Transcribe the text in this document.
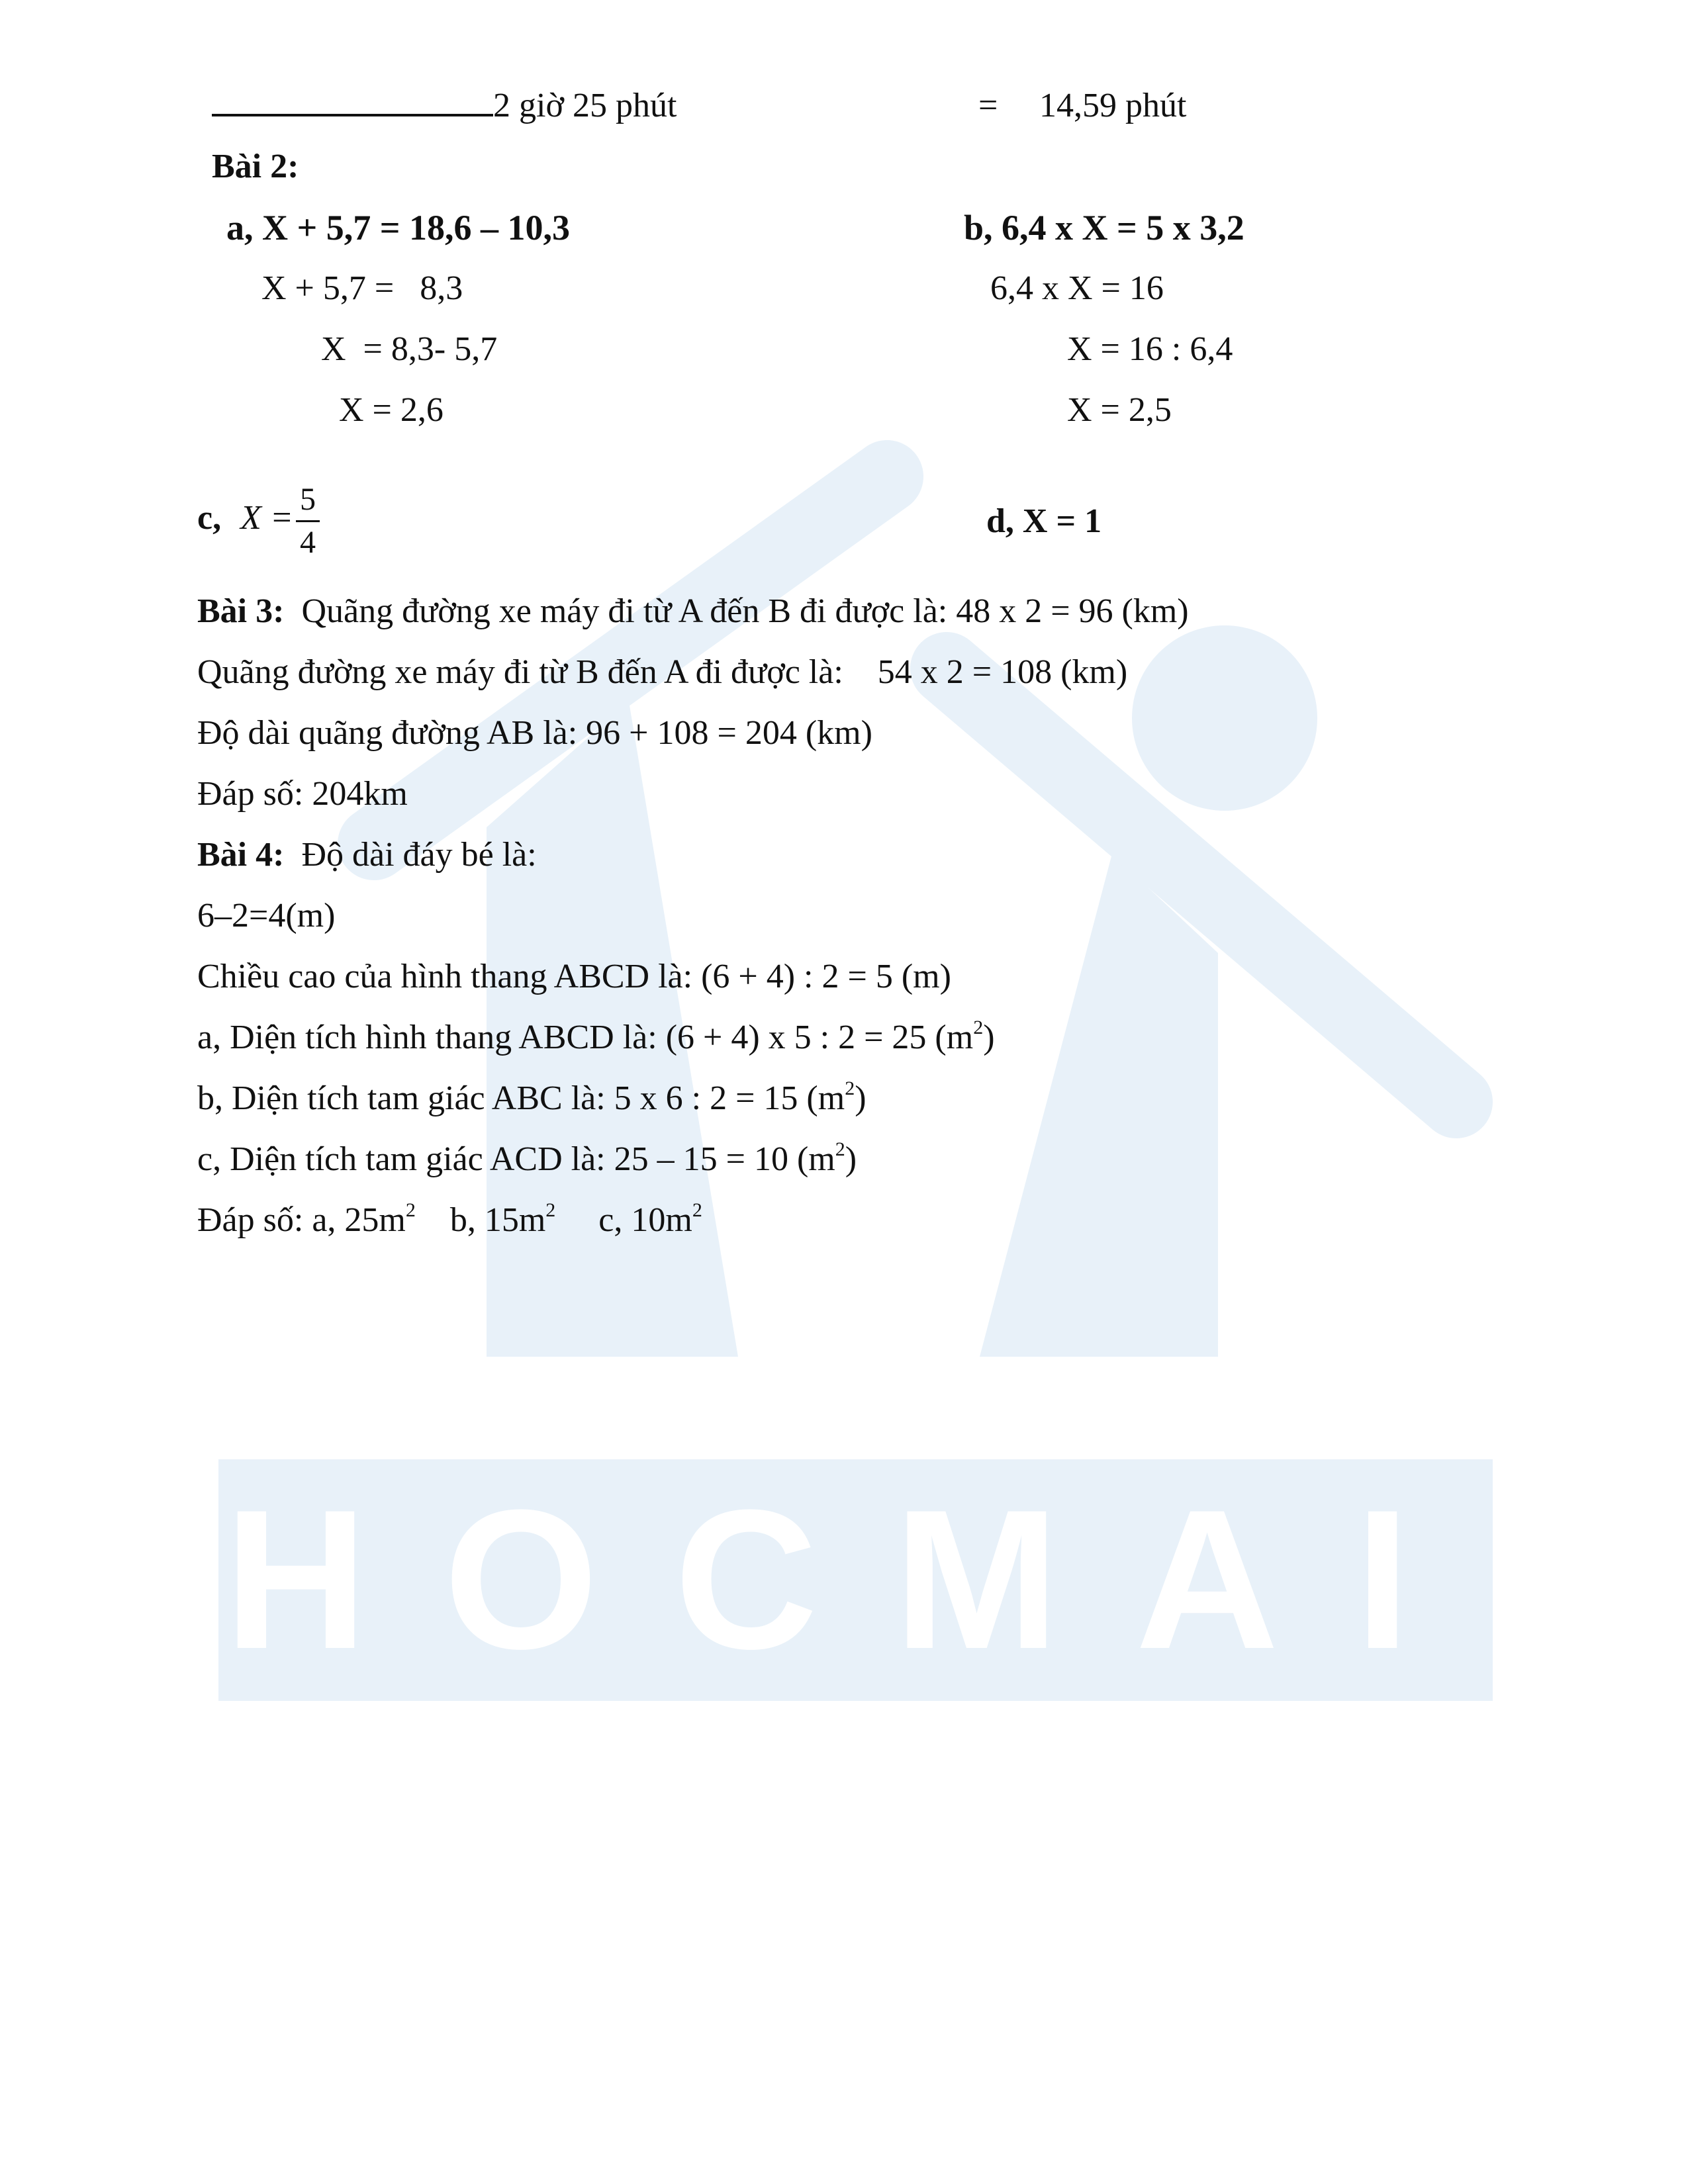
HOCMAI
2 giờ 25 phút	= 14,59 phút
Bài 2:
a, X + 5,7 = 18,6 – 10,3
X + 5,7 =   8,3
X  = 8,3- 5,7
X = 2,6
b, 6,4 x X = 5 x 3,2
6,4 x X = 16
X = 16 : 6,4
X = 2,5
c, $X = \frac{5}{4}$	d, X = 1
Bài 3: Quãng đường xe máy đi từ A đến B đi được là: 48 x 2 = 96 (km)
Quãng đường xe máy đi từ B đến A đi được là:    54 x 2 = 108 (km)
Độ dài quãng đường AB là: 96 + 108 = 204 (km)
Đáp số: 204km
Bài 4: Độ dài đáy bé là:
6–2=4(m)
Chiều cao của hình thang ABCD là: (6 + 4) : 2 = 5 (m)
a, Diện tích hình thang ABCD là: (6 + 4) x 5 : 2 = 25 $(m^2)$
b, Diện tích tam giác ABC là: 5 x 6 : 2 = 15 $(m^2)$
c, Diện tích tam giác ACD là: 25 – 15 = 10 $(m^2)$
Đáp số: a, $25m^2$ b, $15m^2$ c, $10m^2$
